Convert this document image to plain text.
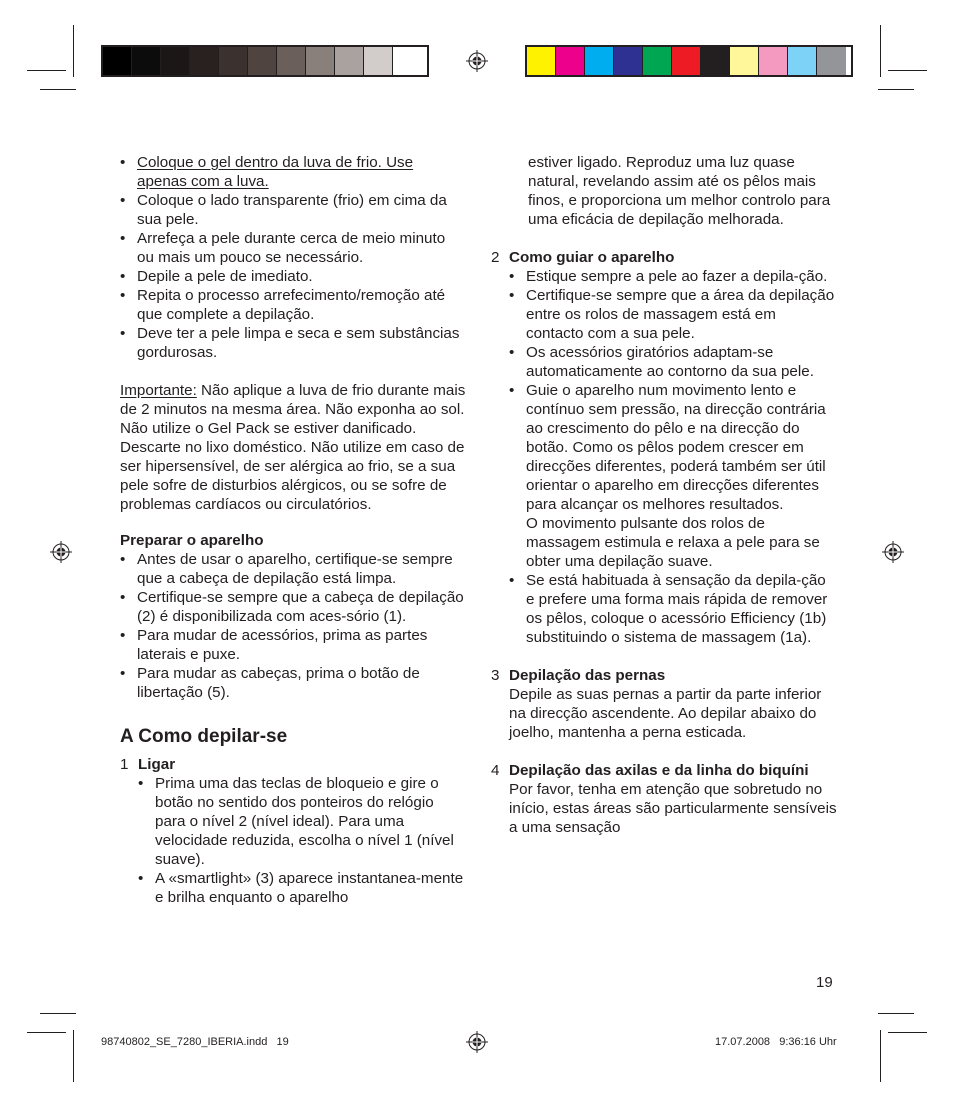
• Coloque o gel dentro da luva de frio. Use apenas com a luva.
• Coloque o lado transparente (frio) em cima da sua pele.
• Arrefeça a pele durante cerca de meio minuto ou mais um pouco se necessário.
• Depile a pele de imediato.
• Repita o processo arrefecimento/remoção até que complete a depilação.
• Deve ter a pele limpa e seca e sem substâncias gordurosas.

Importante: Não aplique a luva de frio durante mais de 2 minutos na mesma área. Não exponha ao sol. Não utilize o Gel Pack se estiver danificado. Descarte no lixo doméstico. Não utilize em caso de ser hipersensível, de ser alérgica ao frio, se a sua pele sofre de disturbios alérgicos, ou se sofre de problemas cardíacos ou circulatórios.

Preparar o aparelho

• Antes de usar o aparelho, certifique-se sempre que a cabeça de depilação está limpa.
• Certifique-se sempre que a cabeça de depilação (2) é disponibilizada com aces-sório (1).
• Para mudar de acessórios, prima as partes laterais e puxe.
• Para mudar as cabeças, prima o botão de libertação (5).

A Como depilar-se

1 Ligar

• Prima uma das teclas de bloqueio e gire o botão no sentido dos ponteiros do relógio para o nível 2 (nível ideal). Para uma velocidade reduzida, escolha o nível 1 (nível suave).
• A «smartlight» (3) aparece instantanea-mente e brilha enquanto o aparelho

estiver ligado. Reproduz uma luz quase natural, revelando assim até os pêlos mais finos, e proporciona um melhor controlo para uma eficácia de depilação melhorada.

2 Como guiar o aparelho

• Estique sempre a pele ao fazer a depila-ção.
• Certifique-se sempre que a área da depilação entre os rolos de massagem está em contacto com a sua pele.
• Os acessórios giratórios adaptam-se automaticamente ao contorno da sua pele.
• Guie o aparelho num movimento lento e contínuo sem pressão, na direcção contrária ao crescimento do pêlo e na direcção do botão. Como os pêlos podem crescer em direcções diferentes, poderá também ser útil orientar o aparelho em direcções diferentes para alcançar os melhores resultados.
O movimento pulsante dos rolos de massagem estimula e relaxa a pele para se obter uma depilação suave.
• Se está habituada à sensação da depila-ção e prefere uma forma mais rápida de remover os pêlos, coloque o acessório Efficiency (1b) substituindo o sistema de massagem (1a).
3 Depilação das pernas

Depile as suas pernas a partir da parte inferior na direcção ascendente. Ao depilar abaixo do joelho, mantenha a perna esticada.

4 Depilação das axilas e da linha do biquíni

Por favor, tenha em atenção que sobretudo no início, estas áreas são particularmente sensíveis a uma sensação

19
98740802_SE_7280_IBERIA.indd   19	17.07.2008   9:36:16 Uhr
